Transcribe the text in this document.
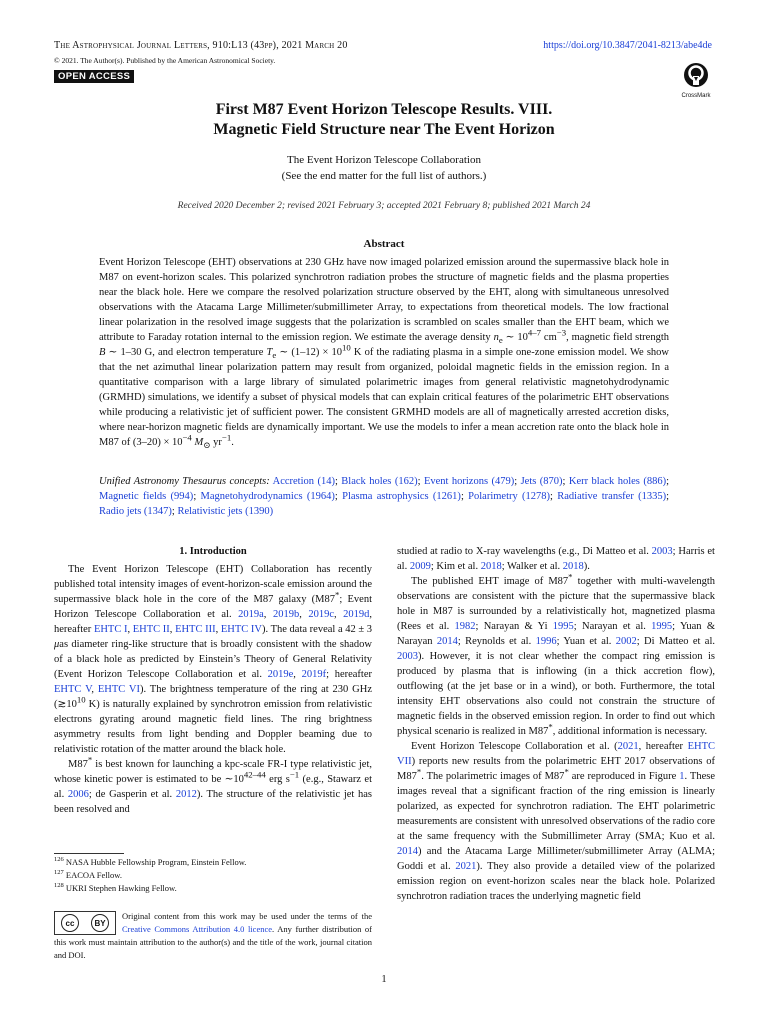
The Astrophysical Journal Letters, 910:L13 (43pp), 2021 March 20
© 2021. The Author(s). Published by the American Astronomical Society.
OPEN ACCESS
https://doi.org/10.3847/2041-8213/abe4de
CrossMark
First M87 Event Horizon Telescope Results. VIII.
Magnetic Field Structure near The Event Horizon
The Event Horizon Telescope Collaboration
(See the end matter for the full list of authors.)
Received 2020 December 2; revised 2021 February 3; accepted 2021 February 8; published 2021 March 24
Abstract

Event Horizon Telescope (EHT) observations at 230 GHz have now imaged polarized emission around the supermassive black hole in M87 on event-horizon scales. This polarized synchrotron radiation probes the structure of magnetic fields and the plasma properties near the black hole. Here we compare the resolved polarization structure observed by the EHT, along with simultaneous unresolved observations with the Atacama Large Millimeter/submillimeter Array, to expectations from theoretical models. The low fractional linear polarization in the resolved image suggests that the polarization is scrambled on scales smaller than the EHT beam, which we attribute to Faraday rotation internal to the emission region. We estimate the average density $n_e$ ∼ 10$^{4-7}$ $cm^{-3}$, magnetic field strength B ∼ 1–30 G, and electron temperature $T_e$ ∼ $(1-12) \times 10^{10}$ K of the radiating plasma in a simple one-zone emission model. We show that the net azimuthal linear polarization pattern may result from organized, poloidal magnetic fields in the emission region. In a quantitative comparison with a large library of simulated polarimetric images from general relativistic magnetohydrodynamic (GRMHD) simulations, we identify a subset of physical models that can explain critical features of the polarimetric EHT observations while producing a relativistic jet of sufficient power. The consistent GRMHD models are all of magnetically arrested accretion disks, where near-horizon magnetic fields are dynamically important. We use the models to infer a mean accretion rate onto the black hole in M87 of $(3-20) \times 10^{-4}$ $M_⊙$ $yr^{-1}$.

Unified Astronomy Thesaurus concepts: Accretion (14); Black holes (162); Event horizons (479); Jets (870); Kerr black holes (886); Magnetic fields (994); Magnetohydrodynamics (1964); Plasma astrophysics (1261); Polarimetry (1278); Radiative transfer (1335); Radio jets (1347); Relativistic jets (1390)

1. Introduction

The Event Horizon Telescope (EHT) Collaboration has recently published total intensity images of event-horizon-scale emission around the supermassive black hole in the core of the M87 galaxy (M87*; Event Horizon Telescope Collaboration et al. 2019a, 2019b, 2019c, 2019d, hereafter EHTC I, EHTC II, EHTC III, EHTC IV). The data reveal a 42 ± 3 μas diameter ring-like structure that is broadly consistent with the shadow of a black hole as predicted by Einstein’s Theory of General Relativity (Event Horizon Telescope Collaboration et al. 2019e, 2019f; hereafter EHTC V, EHTC VI). The brightness temperature of the ring at 230 GHz ($≳10^{10}$ K) is naturally explained by synchrotron emission from relativistic electrons gyrating around magnetic field lines. The ring brightness asymmetry results from light bending and Doppler beaming due to relativistic rotation of the matter around the black hole.

M87* is best known for launching a kpc-scale FR-I type relativistic jet, whose kinetic power is estimated to be ∼10$^{42-44}$ erg $s^{-1}$ (e.g., Stawarz et al. 2006; de Gasperin et al. 2012). The structure of the relativistic jet has been resolved and

$^{126}$ NASA Hubble Fellowship Program, Einstein Fellow.
$^{127}$ EACOA Fellow.
$^{128}$ UKRI Stephen Hawking Fellow.
cc	BY
Original content from this work may be used under the terms of the Creative Commons Attribution 4.0 licence. Any further distribution of this work must maintain attribution to the author(s) and the title of the work, journal citation and DOI.

studied at radio to X-ray wavelengths (e.g., Di Matteo et al. 2003; Harris et al. 2009; Kim et al. 2018; Walker et al. 2018).

The published EHT image of M87* together with multi-wavelength observations are consistent with the picture that the supermassive black hole in M87 is surrounded by a relativistically hot, magnetized plasma (Rees et al. 1982; Narayan & Yi 1995; Narayan et al. 1995; Yuan & Narayan 2014; Reynolds et al. 1996; Yuan et al. 2002; Di Matteo et al. 2003). However, it is not clear whether the compact ring emission is produced by plasma that is inflowing (in a thick accretion flow), outflowing (at the jet base or in a wind), or both. Furthermore, the total intensity EHT observations also could not constrain the structure of magnetic fields in the observed emission region. In order to find out which physical scenario is realized in M87*, additional information is necessary.

Event Horizon Telescope Collaboration et al. (2021, hereafter EHTC VII) reports new results from the polarimetric EHT 2017 observations of M87*. The polarimetric images of M87* are reproduced in Figure 1. These images reveal that a significant fraction of the ring emission is linearly polarized, as expected for synchrotron radiation. The EHT polarimetric measurements are consistent with unresolved observations of the radio core at the same frequency with the Submillimeter Array (SMA; Kuo et al. 2014) and the Atacama Large Millimeter/submillimeter Array (ALMA; Goddi et al. 2021). They also provide a detailed view of the polarized emission region on event-horizon scales near the black hole. Polarized synchrotron radiation traces the underlying magnetic field

1
